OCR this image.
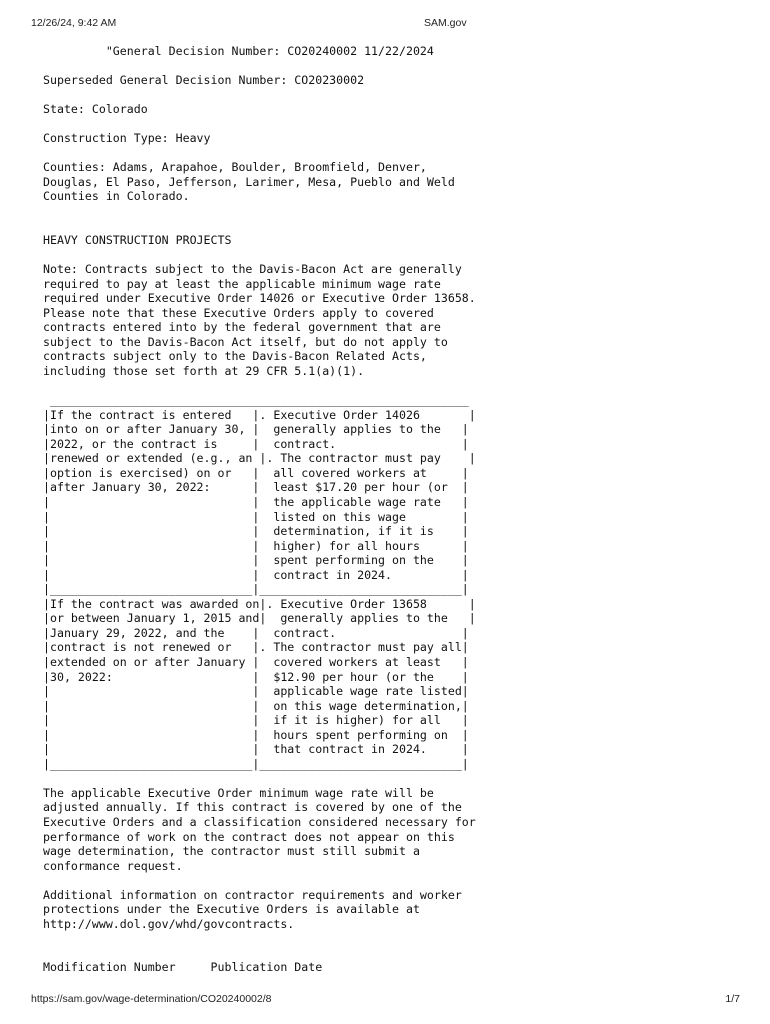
12/26/24, 9:42 AM	SAM.gov
"General Decision Number: CO20240002 11/22/2024

Superseded General Decision Number: CO20230002

State: Colorado

Construction Type: Heavy

Counties: Adams, Arapahoe, Boulder, Broomfield, Denver,
Douglas, El Paso, Jefferson, Larimer, Mesa, Pueblo and Weld
Counties in Colorado.

HEAVY CONSTRUCTION PROJECTS

Note: Contracts subject to the Davis-Bacon Act are generally
required to pay at least the applicable minimum wage rate
required under Executive Order 14026 or Executive Order 13658.
Please note that these Executive Orders apply to covered
contracts entered into by the federal government that are
subject to the Davis-Bacon Act itself, but do not apply to
contracts subject only to the Davis-Bacon Related Acts,
including those set forth at 29 CFR 5.1(a)(1).

____________________________________________________________
|If the contract is entered   |. Executive Order 14026       |
|into on or after January 30, |  generally applies to the   |
|2022, or the contract is     |  contract.                  |
|renewed or extended (e.g., an |. The contractor must pay    |
|option is exercised) on or   |  all covered workers at     |
|after January 30, 2022:      |  least $17.20 per hour (or  |
|                             |  the applicable wage rate   |
|                             |  listed on this wage        |
|                             |  determination, if it is    |
|                             |  higher) for all hours      |
|                             |  spent performing on the    |
|                             |  contract in 2024.          |
|_____________________________|_____________________________|
|If the contract was awarded on|. Executive Order 13658      |
|or between January 1, 2015 and|  generally applies to the   |
|January 29, 2022, and the    |  contract.                  |
|contract is not renewed or   |. The contractor must pay all|
|extended on or after January |  covered workers at least   |
|30, 2022:                    |  $12.90 per hour (or the    |
|                             |  applicable wage rate listed|
|                             |  on this wage determination,|
|                             |  if it is higher) for all   |
|                             |  hours spent performing on  |
|                             |  that contract in 2024.     |
|_____________________________|_____________________________|

The applicable Executive Order minimum wage rate will be
adjusted annually. If this contract is covered by one of the
Executive Orders and a classification considered necessary for
performance of work on the contract does not appear on this
wage determination, the contractor must still submit a
conformance request.

Additional information on contractor requirements and worker
protections under the Executive Orders is available at
http://www.dol.gov/whd/govcontracts.

Modification Number     Publication Date
https://sam.gov/wage-determination/CO20240002/8	1/7
